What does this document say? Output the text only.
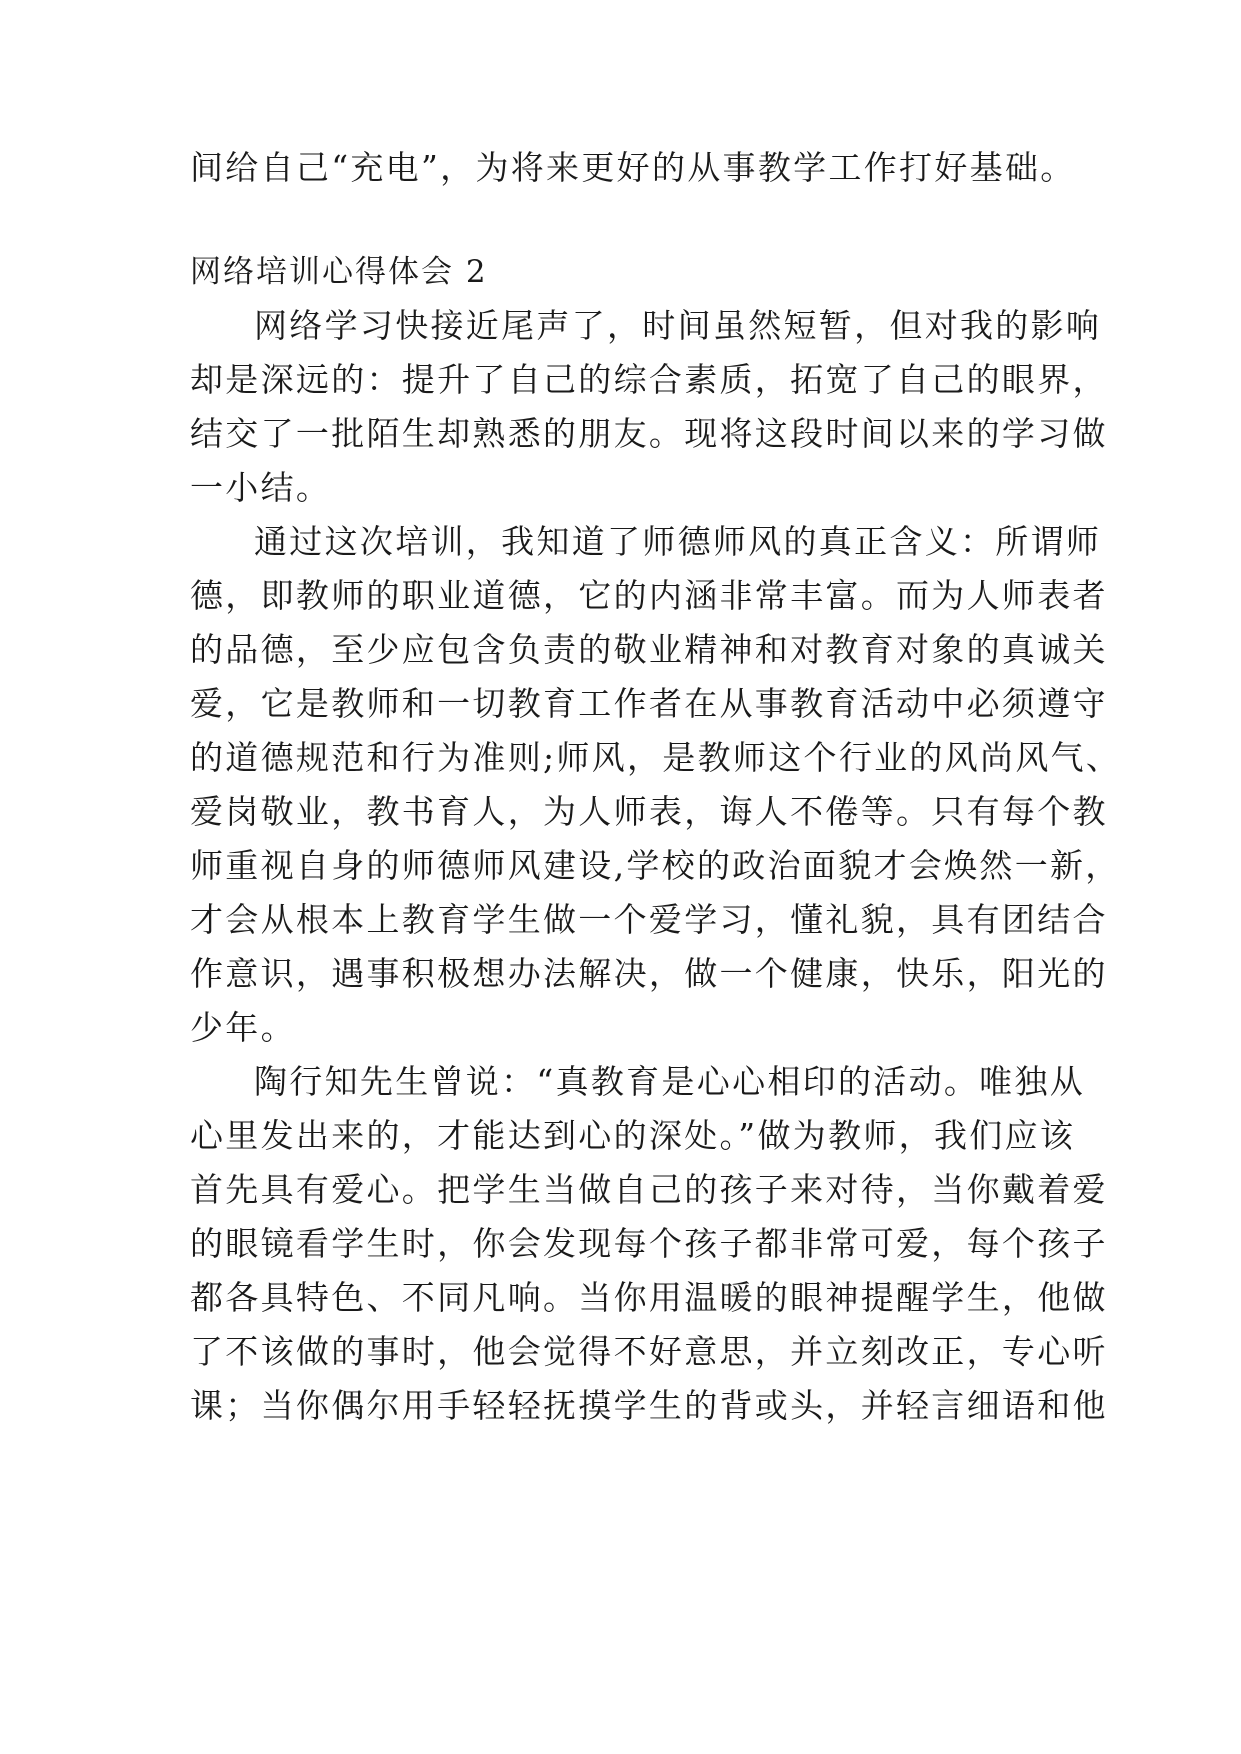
间给自己“充电”，为将来更好的从事教学工作打好基础。
网络培训心得体会 2
网络学习快接近尾声了，时间虽然短暂，但对我的影响
却是深远的：提升了自己的综合素质，拓宽了自己的眼界，
结交了一批陌生却熟悉的朋友。现将这段时间以来的学习做
一小结。
通过这次培训，我知道了师德师风的真正含义：所谓师
德，即教师的职业道德，它的内涵非常丰富。而为人师表者
的品德，至少应包含负责的敬业精神和对教育对象的真诚关
爱，它是教师和一切教育工作者在从事教育活动中必须遵守
的道德规范和行为准则;师风，是教师这个行业的风尚风气、
爱岗敬业，教书育人，为人师表，诲人不倦等。只有每个教
师重视自身的师德师风建设,学校的政治面貌才会焕然一新，
才会从根本上教育学生做一个爱学习，懂礼貌，具有团结合
作意识，遇事积极想办法解决，做一个健康，快乐，阳光的
少年。
陶行知先生曾说：“真教育是心心相印的活动。唯独从
心里发出来的，才能达到心的深处。”做为教师，我们应该
首先具有爱心。把学生当做自己的孩子来对待，当你戴着爱
的眼镜看学生时，你会发现每个孩子都非常可爱，每个孩子
都各具特色、不同凡响。当你用温暖的眼神提醒学生，他做
了不该做的事时，他会觉得不好意思，并立刻改正，专心听
课；当你偶尔用手轻轻抚摸学生的背或头，并轻言细语和他
